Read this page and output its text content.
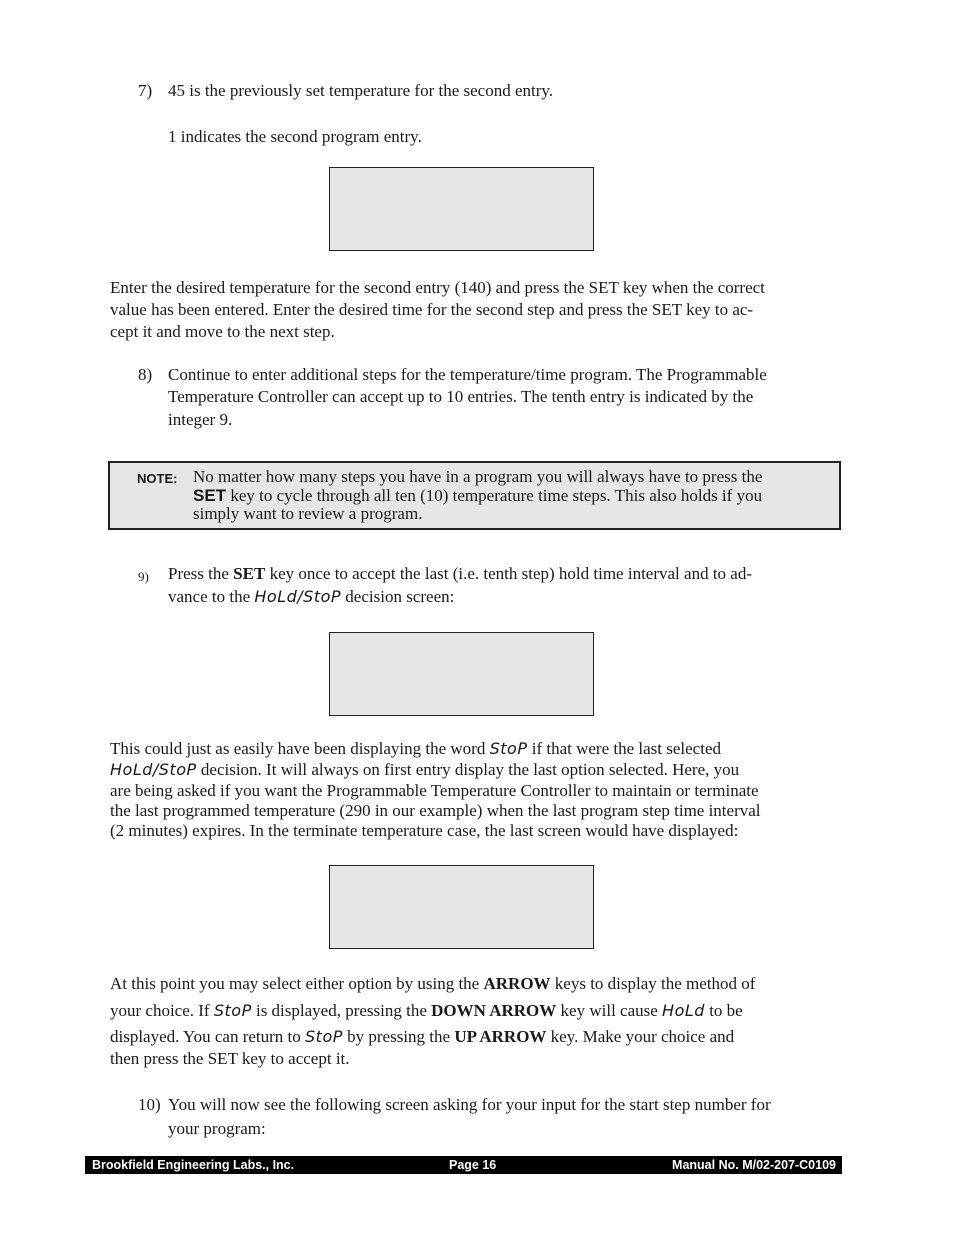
7) 45 is the previously set temperature for the second entry.
1 indicates the second program entry.
Enter the desired temperature for the second entry (140) and press the SET key when the correct
value has been entered. Enter the desired time for the second step and press the SET key to ac-
cept it and move to the next step.
8) Continue to enter additional steps for the temperature/time program. The Programmable
Temperature Controller can accept up to 10 entries. The tenth entry is indicated by the
integer 9.
NOTE: No matter how many steps you have in a program you will always have to press the
SET key to cycle through all ten (10) temperature time steps. This also holds if you
simply want to review a program.
9) Press the SET key once to accept the last (i.e. tenth step) hold time interval and to ad-
vance to the HoLd/StoP decision screen:
This could just as easily have been displaying the word StoP if that were the last selected
HoLd/StoP decision. It will always on first entry display the last option selected. Here, you
are being asked if you want the Programmable Temperature Controller to maintain or terminate
the last programmed temperature (290 in our example) when the last program step time interval
(2 minutes) expires. In the terminate temperature case, the last screen would have displayed:
At this point you may select either option by using the ARROW keys to display the method of
your choice. If StoP is displayed, pressing the DOWN ARROW key will cause HoLd to be
displayed. You can return to StoP by pressing the UP ARROW key. Make your choice and
then press the SET key to accept it.
10) You will now see the following screen asking for your input for the start step number for
your program:
Brookfield Engineering Labs., Inc.	Page 16	Manual No. M/02-207-C0109
